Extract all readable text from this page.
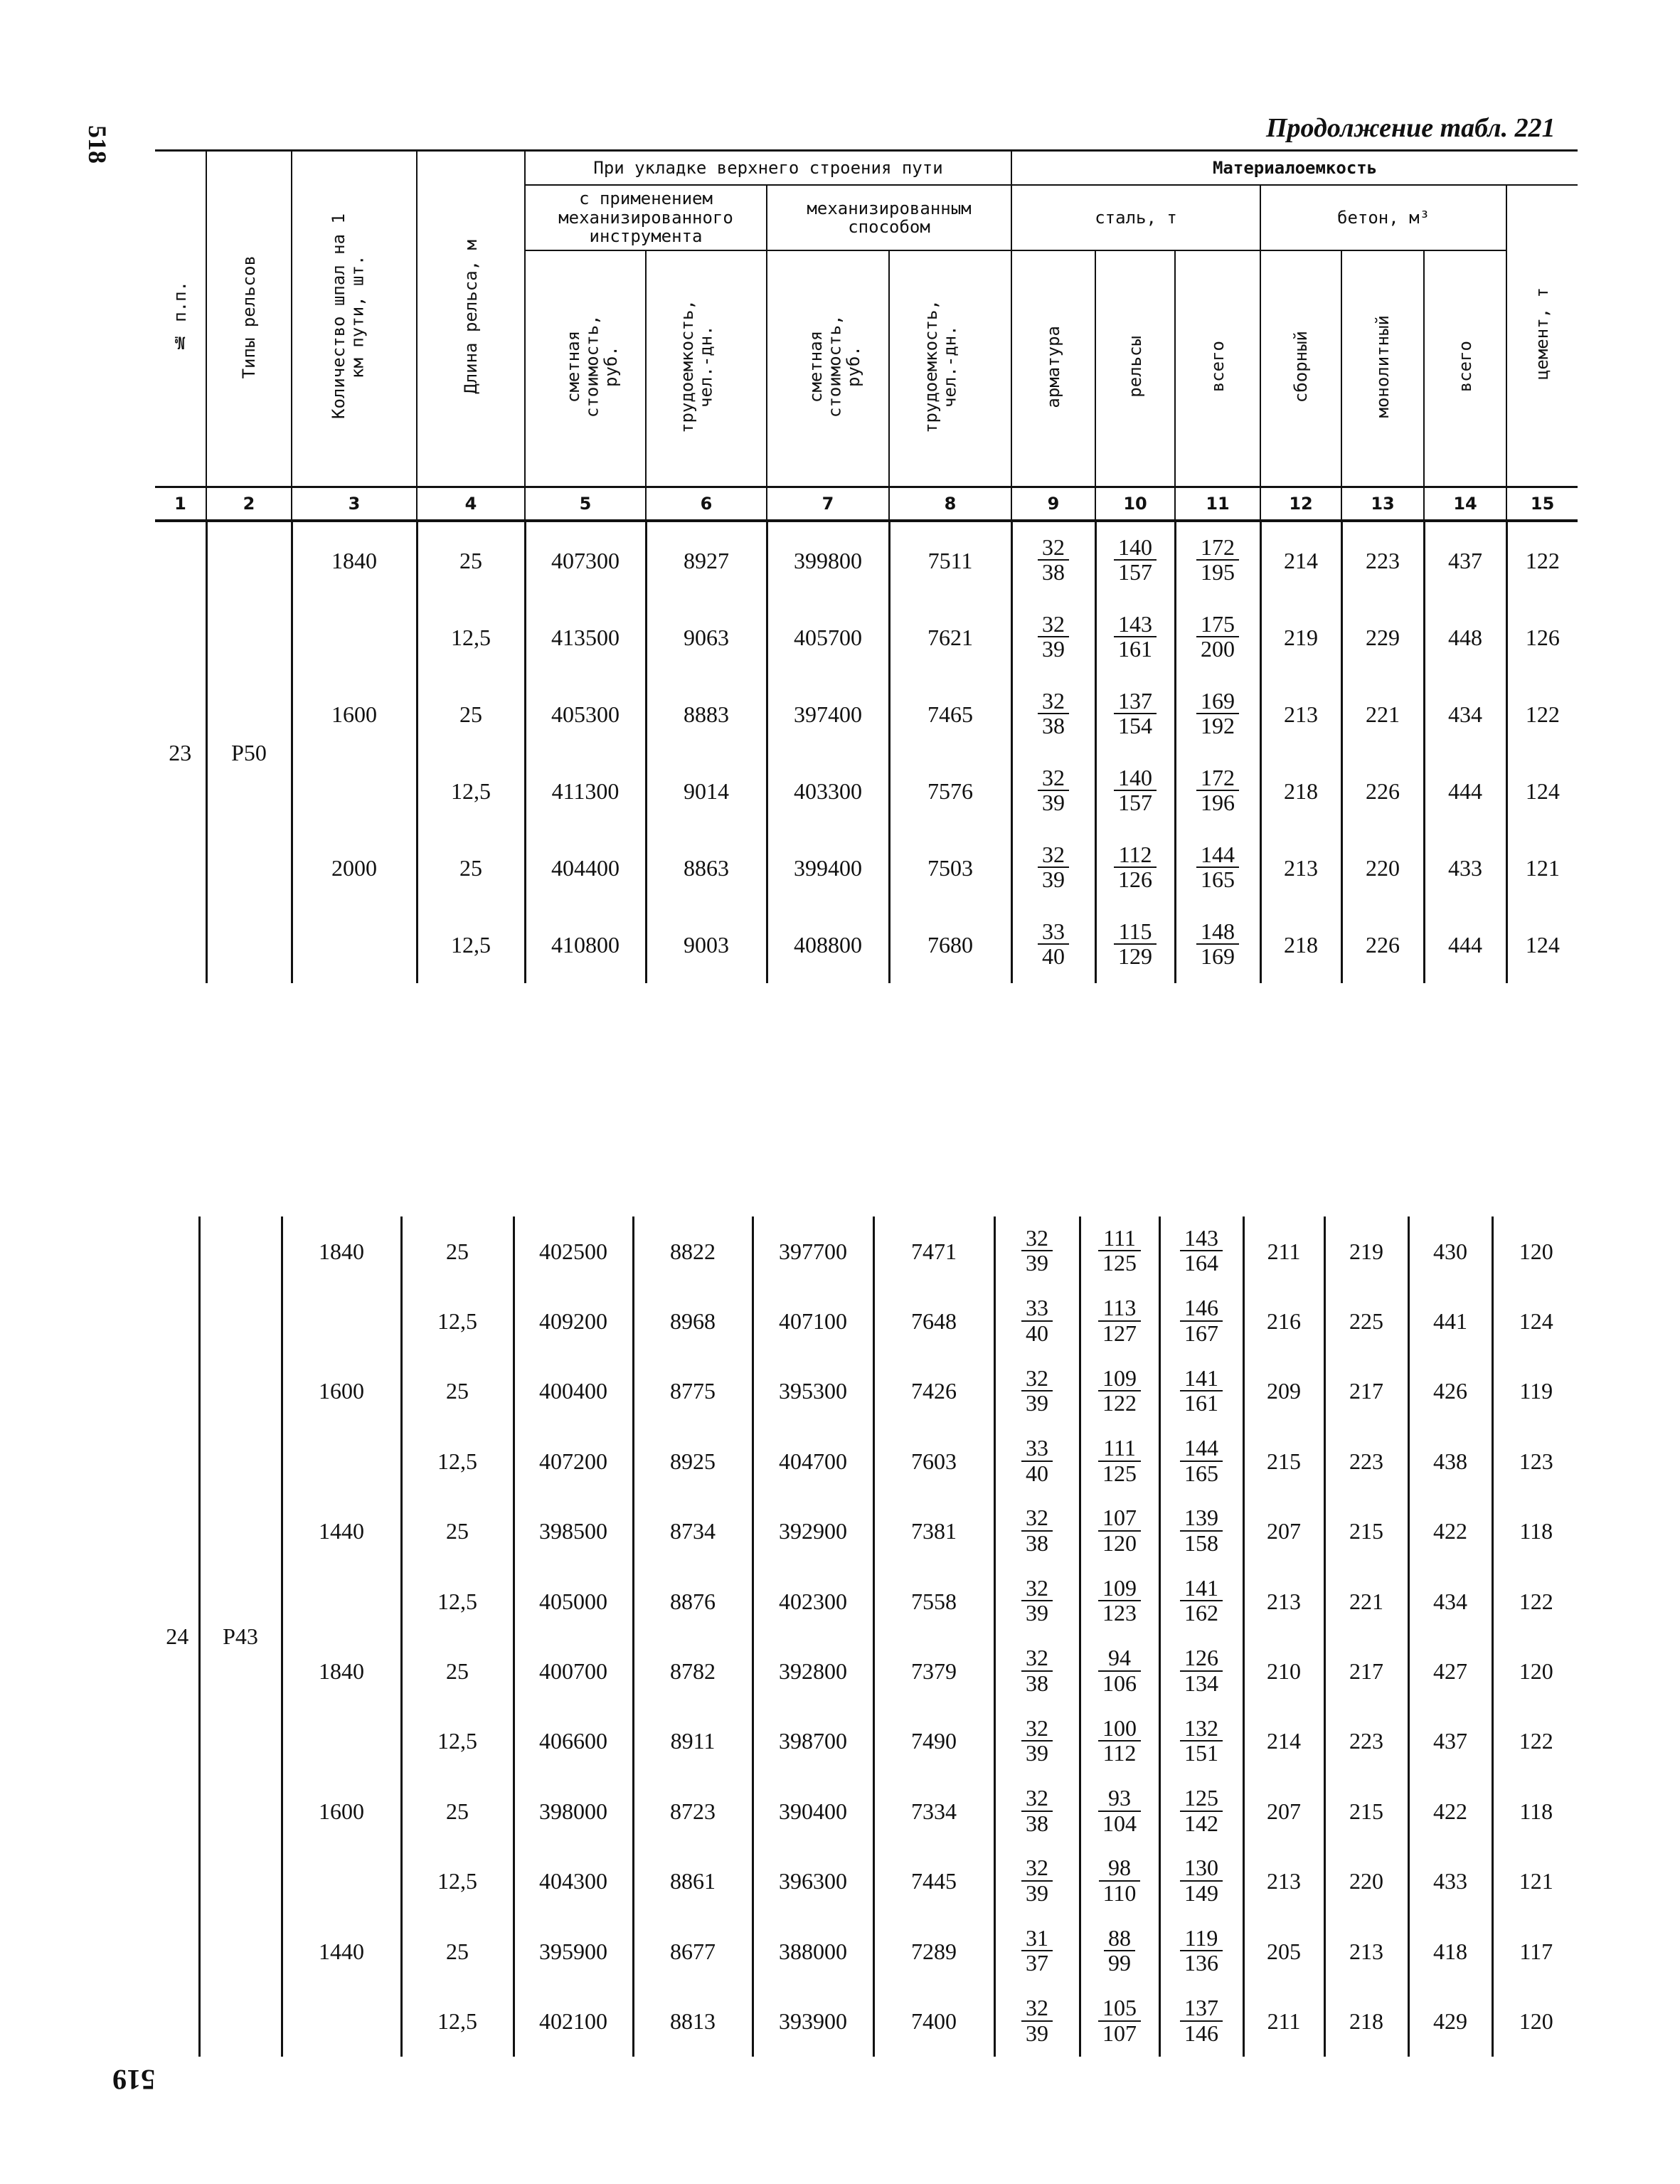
518	Продолжение табл. 221
№ п.п.	Типы рельсов	Количество шпал на 1 км пути, шт.	Длина рельса, м	При укладке верхнего строения пути				Материалоемкость						
				с применением механизированного инструмента		механизированным способом		сталь, т			бетон, м³			цемент, т
				сметная стоимость, руб.	трудоемкость, чел.-дн.	сметная стоимость, руб.	трудоемкость, чел.-дн.	арматура	рельсы	всего	сборный	монолитный	всего	
1	2	3	4	5	6	7	8	9	10	11	12	13	14	15
23	Р50	1840	25	407300	8927	399800	7511	$\frac{32}{38}$	$\frac{140}{157}$	$\frac{172}{195}$	214	223	437	122
			12,5	413500	9063	405700	7621	$\frac{32}{39}$	$\frac{143}{161}$	$\frac{175}{200}$	219	229	448	126
		1600	25	405300	8883	397400	7465	$\frac{32}{38}$	$\frac{137}{154}$	$\frac{169}{192}$	213	221	434	122
			12,5	411300	9014	403300	7576	$\frac{32}{39}$	$\frac{140}{157}$	$\frac{172}{196}$	218	226	444	124
		2000	25	404400	8863	399400	7503	$\frac{32}{39}$	$\frac{112}{126}$	$\frac{144}{165}$	213	220	433	121
			12,5	410800	9003	408800	7680	$\frac{33}{40}$	$\frac{115}{129}$	$\frac{148}{169}$	218	226	444	124
24	Р43	1840	25	402500	8822	397700	7471	$\frac{32}{39}$	$\frac{111}{125}$	$\frac{143}{164}$	211	219	430	120
			12,5	409200	8968	407100	7648	$\frac{33}{40}$	$\frac{113}{127}$	$\frac{146}{167}$	216	225	441	124
		1600	25	400400	8775	395300	7426	$\frac{32}{39}$	$\frac{109}{122}$	$\frac{141}{161}$	209	217	426	119
			12,5	407200	8925	404700	7603	$\frac{33}{40}$	$\frac{111}{125}$	$\frac{144}{165}$	215	223	438	123
		1440	25	398500	8734	392900	7381	$\frac{32}{38}$	$\frac{107}{120}$	$\frac{139}{158}$	207	215	422	118
			12,5	405000	8876	402300	7558	$\frac{32}{39}$	$\frac{109}{123}$	$\frac{141}{162}$	213	221	434	122
		1840	25	400700	8782	392800	7379	$\frac{32}{38}$	$\frac{94}{106}$	$\frac{126}{134}$	210	217	427	120
			12,5	406600	8911	398700	7490	$\frac{32}{39}$	$\frac{100}{112}$	$\frac{132}{151}$	214	223	437	122
		1600	25	398000	8723	390400	7334	$\frac{32}{38}$	$\frac{93}{104}$	$\frac{125}{142}$	207	215	422	118
			12,5	404300	8861	396300	7445	$\frac{32}{39}$	$\frac{98}{110}$	$\frac{130}{149}$	213	220	433	121
		1440	25	395900	8677	388000	7289	$\frac{31}{37}$	$\frac{88}{99}$	$\frac{119}{136}$	205	213	418	117
			12,5	402100	8813	393900	7400	$\frac{32}{39}$	$\frac{105}{107}$	$\frac{137}{146}$	211	218	429	120
519
